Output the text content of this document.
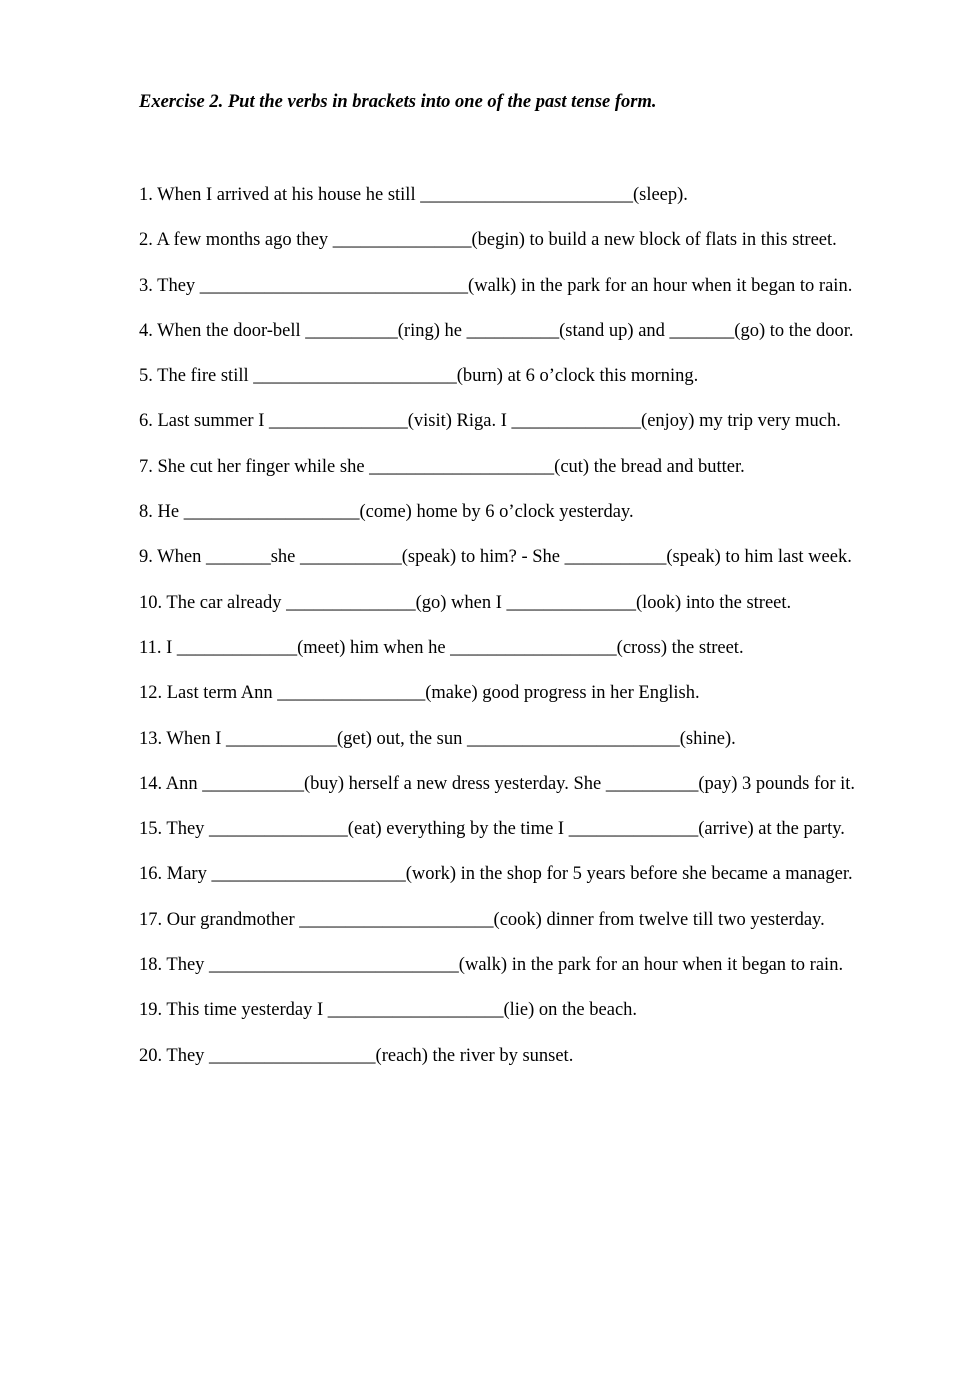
Exercise 2. Put the verbs in brackets into one of the past tense form.
1. When I arrived at his house he still _______________________(sleep).
2. A few months ago they _______________(begin) to build a new block of flats in this street.
3. They _____________________________(walk) in the park for an hour when it began to rain.
4. When the door-bell __________(ring) he __________(stand up) and _______(go) to the door.
5. The fire still ______________________(burn) at 6 o’clock this morning.
6. Last summer I _______________(visit) Riga. I ______________(enjoy) my trip very much.
7. She cut her finger while she ____________________(cut) the bread and butter.
8. He ___________________(come) home by 6 o’clock yesterday.
9. When _______she ___________(speak) to him? - She ___________(speak) to him last week.
10. The car already ______________(go) when I ______________(look) into the street.
11. I _____________(meet) him when he __________________(cross) the street.
12. Last term Ann ________________(make) good progress in her English.
13. When I ____________(get) out, the sun _______________________(shine).
14. Ann ___________(buy) herself a new dress yesterday. She __________(pay) 3 pounds for it.
15. They _______________(eat) everything by the time I ______________(arrive) at the party.
16. Mary _____________________(work) in the shop for 5 years before she became a manager.
17. Our grandmother _____________________(cook) dinner from twelve till two yesterday.
18. They ___________________________(walk) in the park for an hour when it began to rain.
19. This time yesterday I ___________________(lie) on the beach.
20. They __________________(reach) the river by sunset.
